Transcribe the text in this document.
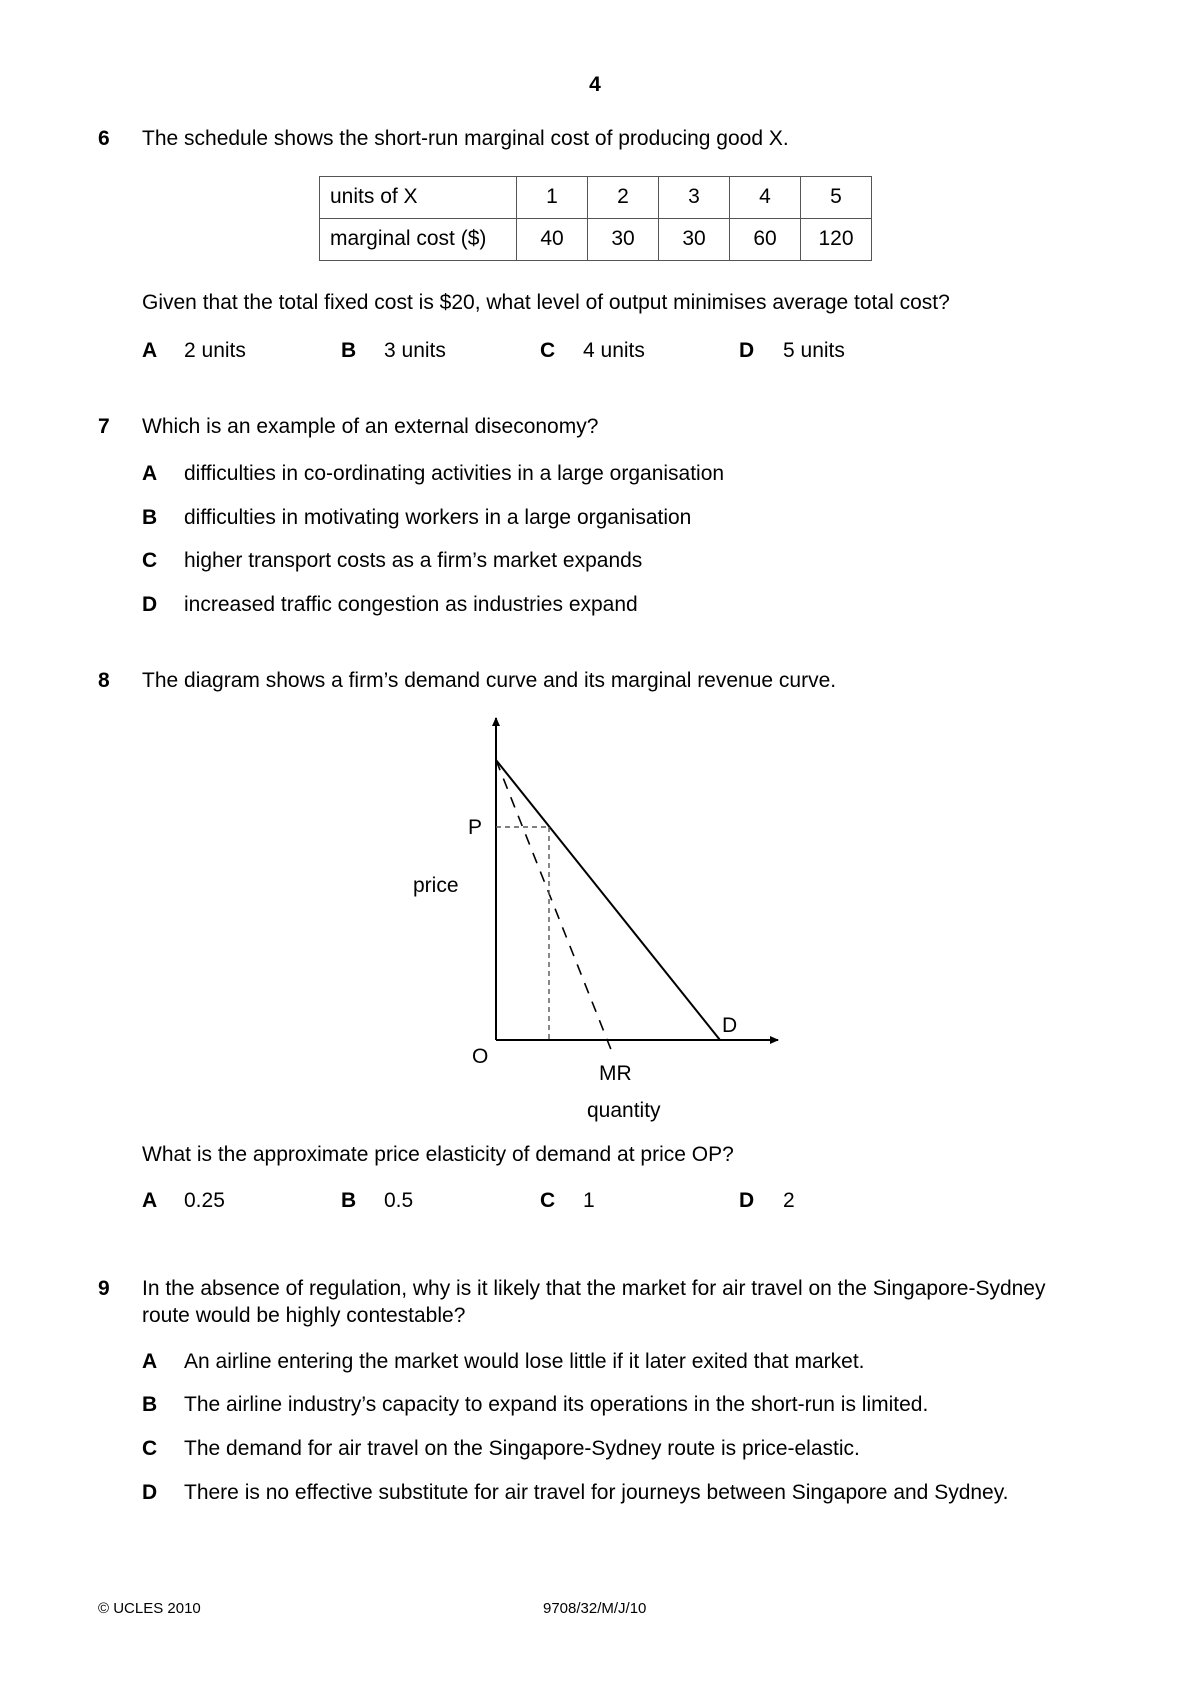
4
6 The schedule shows the short-run marginal cost of producing good X.
units of X	1	2	3	4	5
marginal cost ($)	40	30	30	60	120
Given that the total fixed cost is $20, what level of output minimises average total cost?
A 2 units	B 3 units	C 4 units	D 5 units
7 Which is an example of an external diseconomy?
A difficulties in co-ordinating activities in a large organisation
B difficulties in motivating workers in a large organisation
C higher transport costs as a firm’s market expands
D increased traffic congestion as industries expand
8 The diagram shows a firm’s demand curve and its marginal revenue curve.
P
price
O
D
MR
quantity
What is the approximate price elasticity of demand at price OP?
A 0.25	B 0.5	C 1	D 2
9 In the absence of regulation, why is it likely that the market for air travel on the Singapore-Sydney
route would be highly contestable?
A An airline entering the market would lose little if it later exited that market.
B The airline industry’s capacity to expand its operations in the short-run is limited.
C The demand for air travel on the Singapore-Sydney route is price-elastic.
D There is no effective substitute for air travel for journeys between Singapore and Sydney.
© UCLES 2010	9708/32/M/J/10
